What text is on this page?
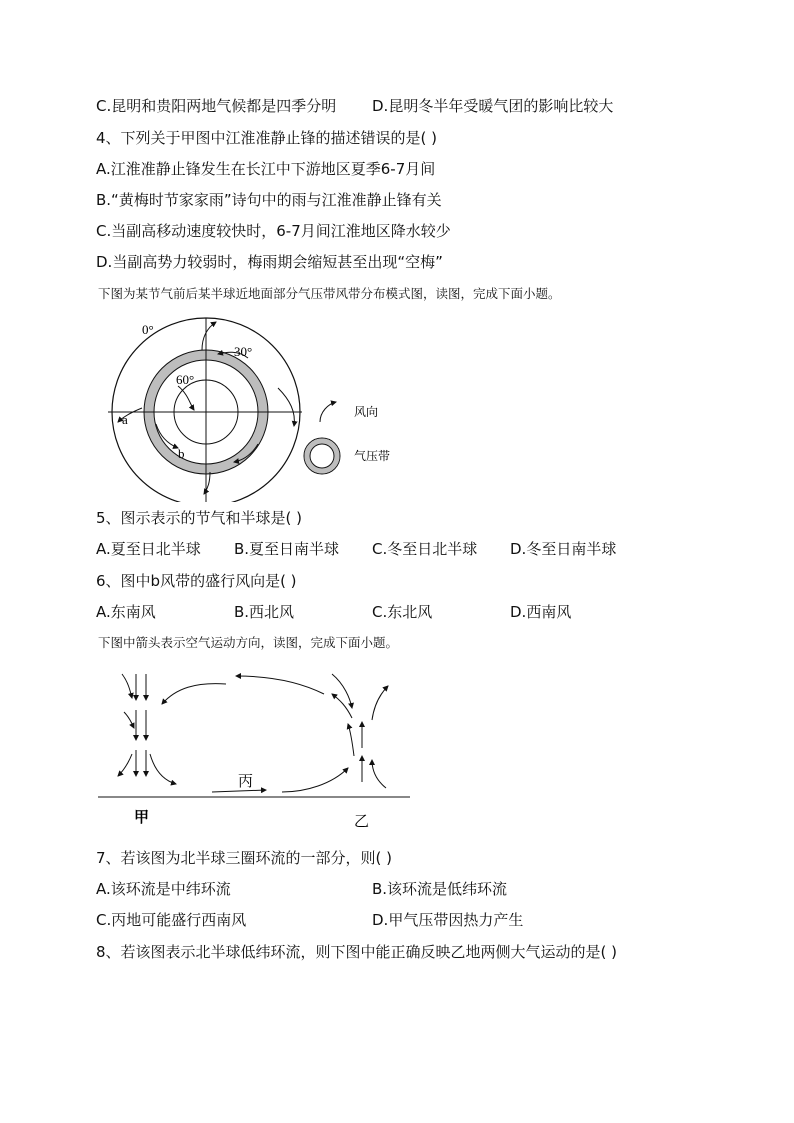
C.昆明和贵阳两地气候都是四季分明 D.昆明冬半年受暖气团的影响比较大
4、下列关于甲图中江淮准静止锋的描述错误的是( )
A.江淮准静止锋发生在长江中下游地区夏季6-7月间
B.“黄梅时节家家雨”诗句中的雨与江淮准静止锋有关
C.当副高移动速度较快时，6-7月间江淮地区降水较少
D.当副高势力较弱时，梅雨期会缩短甚至出现“空梅”
下图为某节气前后某半球近地面部分气压带风带分布模式图，读图，完成下面小题。
0°
30°
60°
a
b
风向
气压带
5、图示表示的节气和半球是( )
A.夏至日北半球 B.夏至日南半球 C.冬至日北半球 D.冬至日南半球
6、图中b风带的盛行风向是( )
A.东南风	B.西北风	C.东北风	D.西南风
下图中箭头表示空气运动方向，读图，完成下面小题。
甲	乙
丙
7、若该图为北半球三圈环流的一部分，则( )
A.该环流是中纬环流	B.该环流是低纬环流
C.丙地可能盛行西南风	D.甲气压带因热力产生
8、若该图表示北半球低纬环流，则下图中能正确反映乙地两侧大气运动的是( )
